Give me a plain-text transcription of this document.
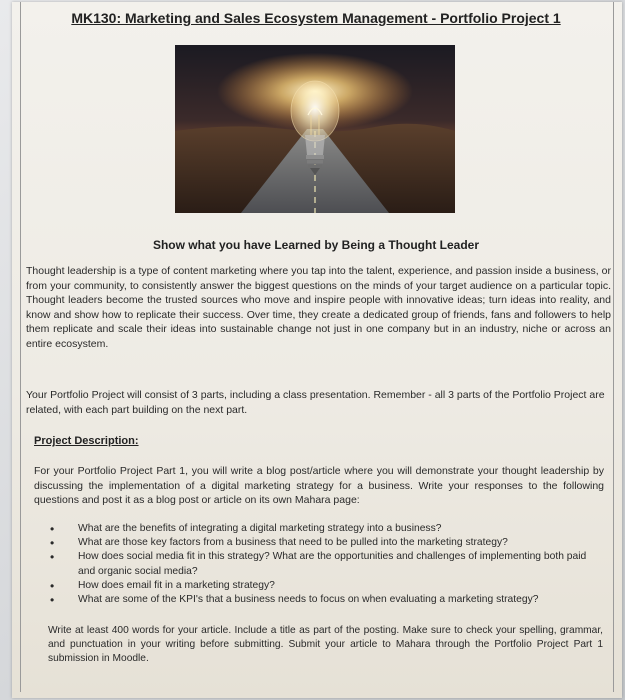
MK130: Marketing and Sales Ecosystem Management - Portfolio Project 1
Show what you have Learned by Being a Thought Leader
Thought leadership is a type of content marketing where you tap into the talent, experience, and passion inside a business, or from your community, to consistently answer the biggest questions on the minds of your target audience on a particular topic. Thought leaders become the trusted sources who move and inspire people with innovative ideas; turn ideas into reality, and know and show how to replicate their success. Over time, they create a dedicated group of friends, fans and followers to help them replicate and scale their ideas into sustainable change not just in one company but in an industry, niche or across an entire ecosystem.
Your Portfolio Project will consist of 3 parts, including a class presentation. Remember - all 3 parts of the Portfolio Project are related, with each part building on the next part.
Project Description:
For your Portfolio Project Part 1, you will write a blog post/article where you will demonstrate your thought leadership by discussing the implementation of a digital marketing strategy for a business. Write your responses to the following questions and post it as a blog post or article on its own Mahara page:
• What are the benefits of integrating a digital marketing strategy into a business?
• What are those key factors from a business that need to be pulled into the marketing strategy?
• How does social media fit in this strategy? What are the opportunities and challenges of implementing both paid and organic social media?
• How does email fit in a marketing strategy?
• What are some of the KPI's that a business needs to focus on when evaluating a marketing strategy?
Write at least 400 words for your article. Include a title as part of the posting. Make sure to check your spelling, grammar, and punctuation in your writing before submitting. Submit your article to Mahara through the Portfolio Project Part 1 submission in Moodle.
